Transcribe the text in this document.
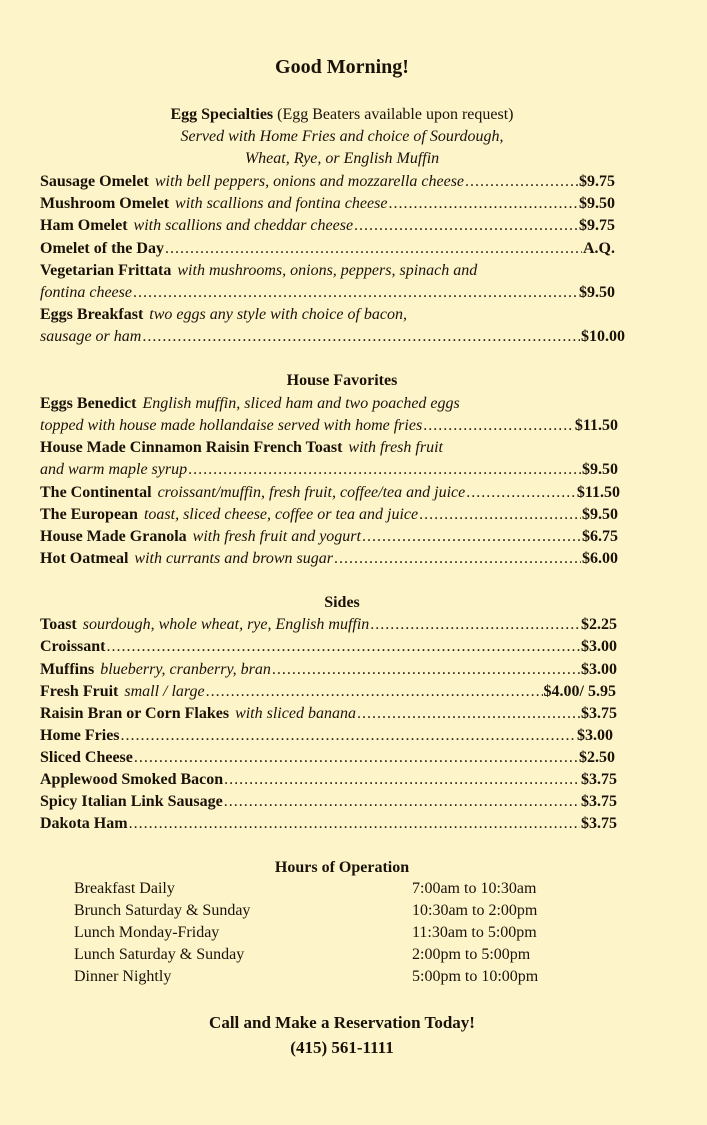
Good Morning!
Egg Specialties (Egg Beaters available upon request)
Served with Home Fries and choice of Sourdough,
Wheat, Rye, or English Muffin
Sausage Omelet with bell peppers, onions and mozzarella cheese .....	$9.75
Mushroom Omelet with scallions and fontina cheese .....	$9.50
Ham Omelet with scallions and cheddar cheese .....	$9.75
Omelet of the Day .....	A.Q.
Vegetarian Frittata with mushrooms, onions, peppers, spinach and
fontina cheese .....	$9.50
Eggs Breakfast two eggs any style with choice of bacon,
sausage or ham .....	$10.00
House Favorites
Eggs Benedict English muffin, sliced ham and two poached eggs
topped with house made hollandaise served with home fries .....	$11.50
House Made Cinnamon Raisin French Toast with fresh fruit
and warm maple syrup .....	$9.50
The Continental croissant/muffin, fresh fruit, coffee/tea and juice .....	$11.50
The European toast, sliced cheese, coffee or tea and juice .....	$9.50
House Made Granola with fresh fruit and yogurt .....	$6.75
Hot Oatmeal with currants and brown sugar .....	$6.00
Sides
Toast sourdough, whole wheat, rye, English muffin .....	$2.25
Croissant .....	$3.00
Muffins blueberry, cranberry, bran .....	$3.00
Fresh Fruit small / large .....	$4.00/ 5.95
Raisin Bran or Corn Flakes with sliced banana .....	$3.75
Home Fries .....	$3.00
Sliced Cheese .....	$2.50
Applewood Smoked Bacon .....	$3.75
Spicy Italian Link Sausage .....	$3.75
Dakota Ham .....	$3.75
Hours of Operation
Breakfast Daily	7:00am to 10:30am
Brunch Saturday & Sunday	10:30am to 2:00pm
Lunch Monday-Friday	11:30am to 5:00pm
Lunch Saturday & Sunday	2:00pm to 5:00pm
Dinner Nightly	5:00pm to 10:00pm
Call and Make a Reservation Today!
(415) 561-1111
